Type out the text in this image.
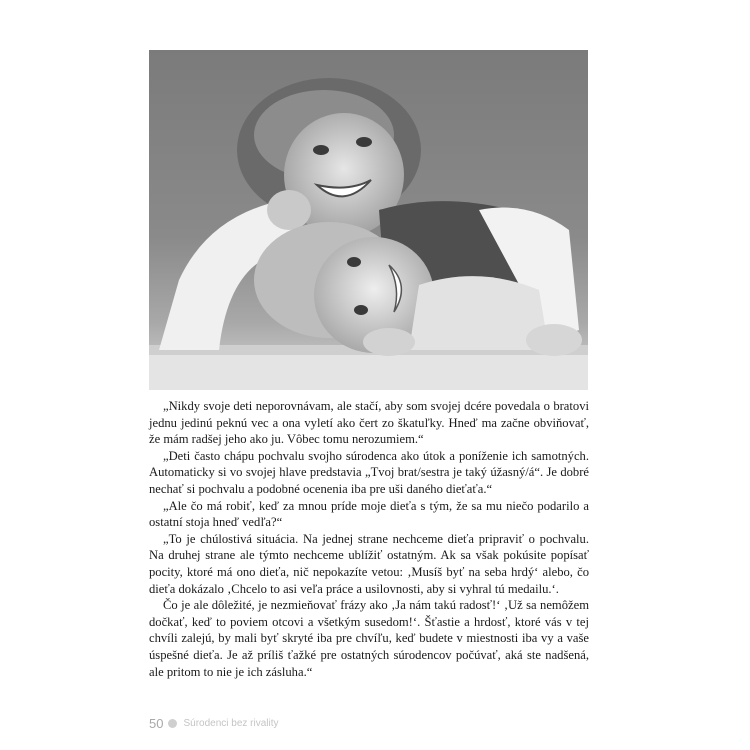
„Nikdy svoje deti neporovnávam, ale stačí, aby som svojej dcére povedala o bratovi jednu jedinú peknú vec a ona vyletí ako čert zo škatuľky. Hneď ma začne obviňovať, že mám radšej jeho ako ju. Vôbec tomu nerozumiem.“

„Deti často chápu pochvalu svojho súrodenca ako útok a poníženie ich samotných. Automaticky si vo svojej hlave predstavia „Tvoj brat/sestra je taký úžasný/á“. Je dobré nechať si pochvalu a podobné ocenenia iba pre uši daného dieťaťa.“

„Ale čo má robiť, keď za mnou príde moje dieťa s tým, že sa mu niečo podarilo a ostatní stoja hneď vedľa?“

„To je chúlostivá situácia. Na jednej strane nechceme dieťa pripraviť o pochvalu. Na druhej strane ale týmto nechceme ublížiť ostatným. Ak sa však pokúsite popísať pocity, ktoré má ono dieťa, nič nepokazíte vetou: ‚Musíš byť na seba hrdý‘ alebo, čo dieťa dokázalo ‚Chcelo to asi veľa práce a usilovnosti, aby si vyhral tú medailu.‘.

Čo je ale dôležité, je nezmieňovať frázy ako ‚Ja nám takú radosť!‘ ‚Už sa nemôžem dočkať, keď to poviem otcovi a všetkým susedom!‘. Šťastie a hrdosť, ktoré vás v tej chvíli zalejú, by mali byť skryté iba pre chvíľu, keď budete v miestnosti iba vy a vaše úspešné dieťa. Je až príliš ťažké pre ostatných súrodencov počúvať, aká ste nadšená, ale pritom to nie je ich zásluha.“

50 Súrodenci bez rivality
